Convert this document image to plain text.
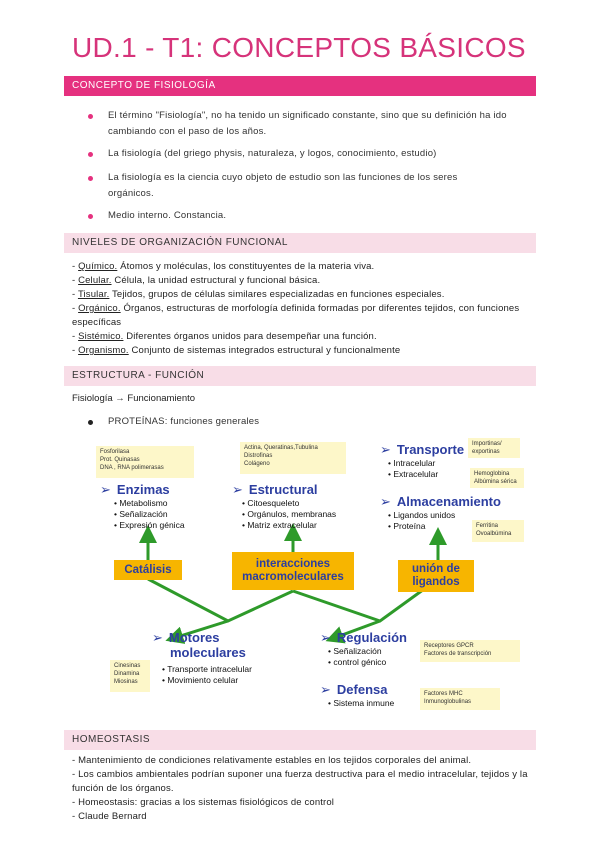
UD.1 - T1: CONCEPTOS BÁSICOS
CONCEPTO DE FISIOLOGÍA
El término "Fisiología", no ha tenido un significado constante, sino que su definición ha ido cambiando con el paso de los años.
La fisiología (del griego physis, naturaleza, y logos, conocimiento, estudio)
La fisiología es la ciencia cuyo objeto de estudio son las funciones de los seres orgánicos.
Medio interno. Constancia.
NIVELES DE ORGANIZACIÓN FUNCIONAL
- Químico. Átomos y moléculas, los constituyentes de la materia viva.
- Celular. Célula, la unidad estructural y funcional básica.
- Tisular. Tejidos, grupos de células similares especializadas en funciones especiales.
- Orgánico. Órganos, estructuras de morfología definida formadas por diferentes tejidos, con funciones específicas
- Sistémico. Diferentes órganos unidos para desempeñar una función.
- Organismo. Conjunto de sistemas integrados estructural y funcionalmente
ESTRUCTURA - FUNCIÓN
Fisiología → Funcionamiento
PROTEÍNAS: funciones generales
Fosforilasa
Prot. Quinasas
DNA , RNA polimerasas
Actina, Queratinas,Tubulina
Distrofinas
Colágeno
Importinas/
exportinas
Hemoglobina
Albúmina sérica
Ferritina
Ovoalbúmina
Cinesinas
Dinamina
Miosinas
Receptores GPCR
Factores de transcripción
Factores MHC
Inmunoglobulinas
➢ Enzimas
• Metabolismo
• Señalización
• Expresión génica
➢ Estructural
• Citoesqueleto
• Orgánulos, membranas
• Matriz extracelular
➢ Transporte
• Intracelular
• Extracelular
➢ Almacenamiento
• Ligandos unidos
• Proteína
Catálisis	interacciones
macromoleculares
unión de
ligandos
➢ Motores
moleculares
• Transporte intracelular
• Movimiento celular
➢ Regulación
• Señalización
• control génico
➢ Defensa
• Sistema inmune
HOMEOSTASIS
- Mantenimiento de condiciones relativamente estables en los tejidos corporales del animal.
- Los cambios ambientales podrían suponer una fuerza destructiva para el medio intracelular, tejidos y la función de los órganos.
- Homeostasis: gracias a los sistemas fisiológicos de control
- Claude Bernard
